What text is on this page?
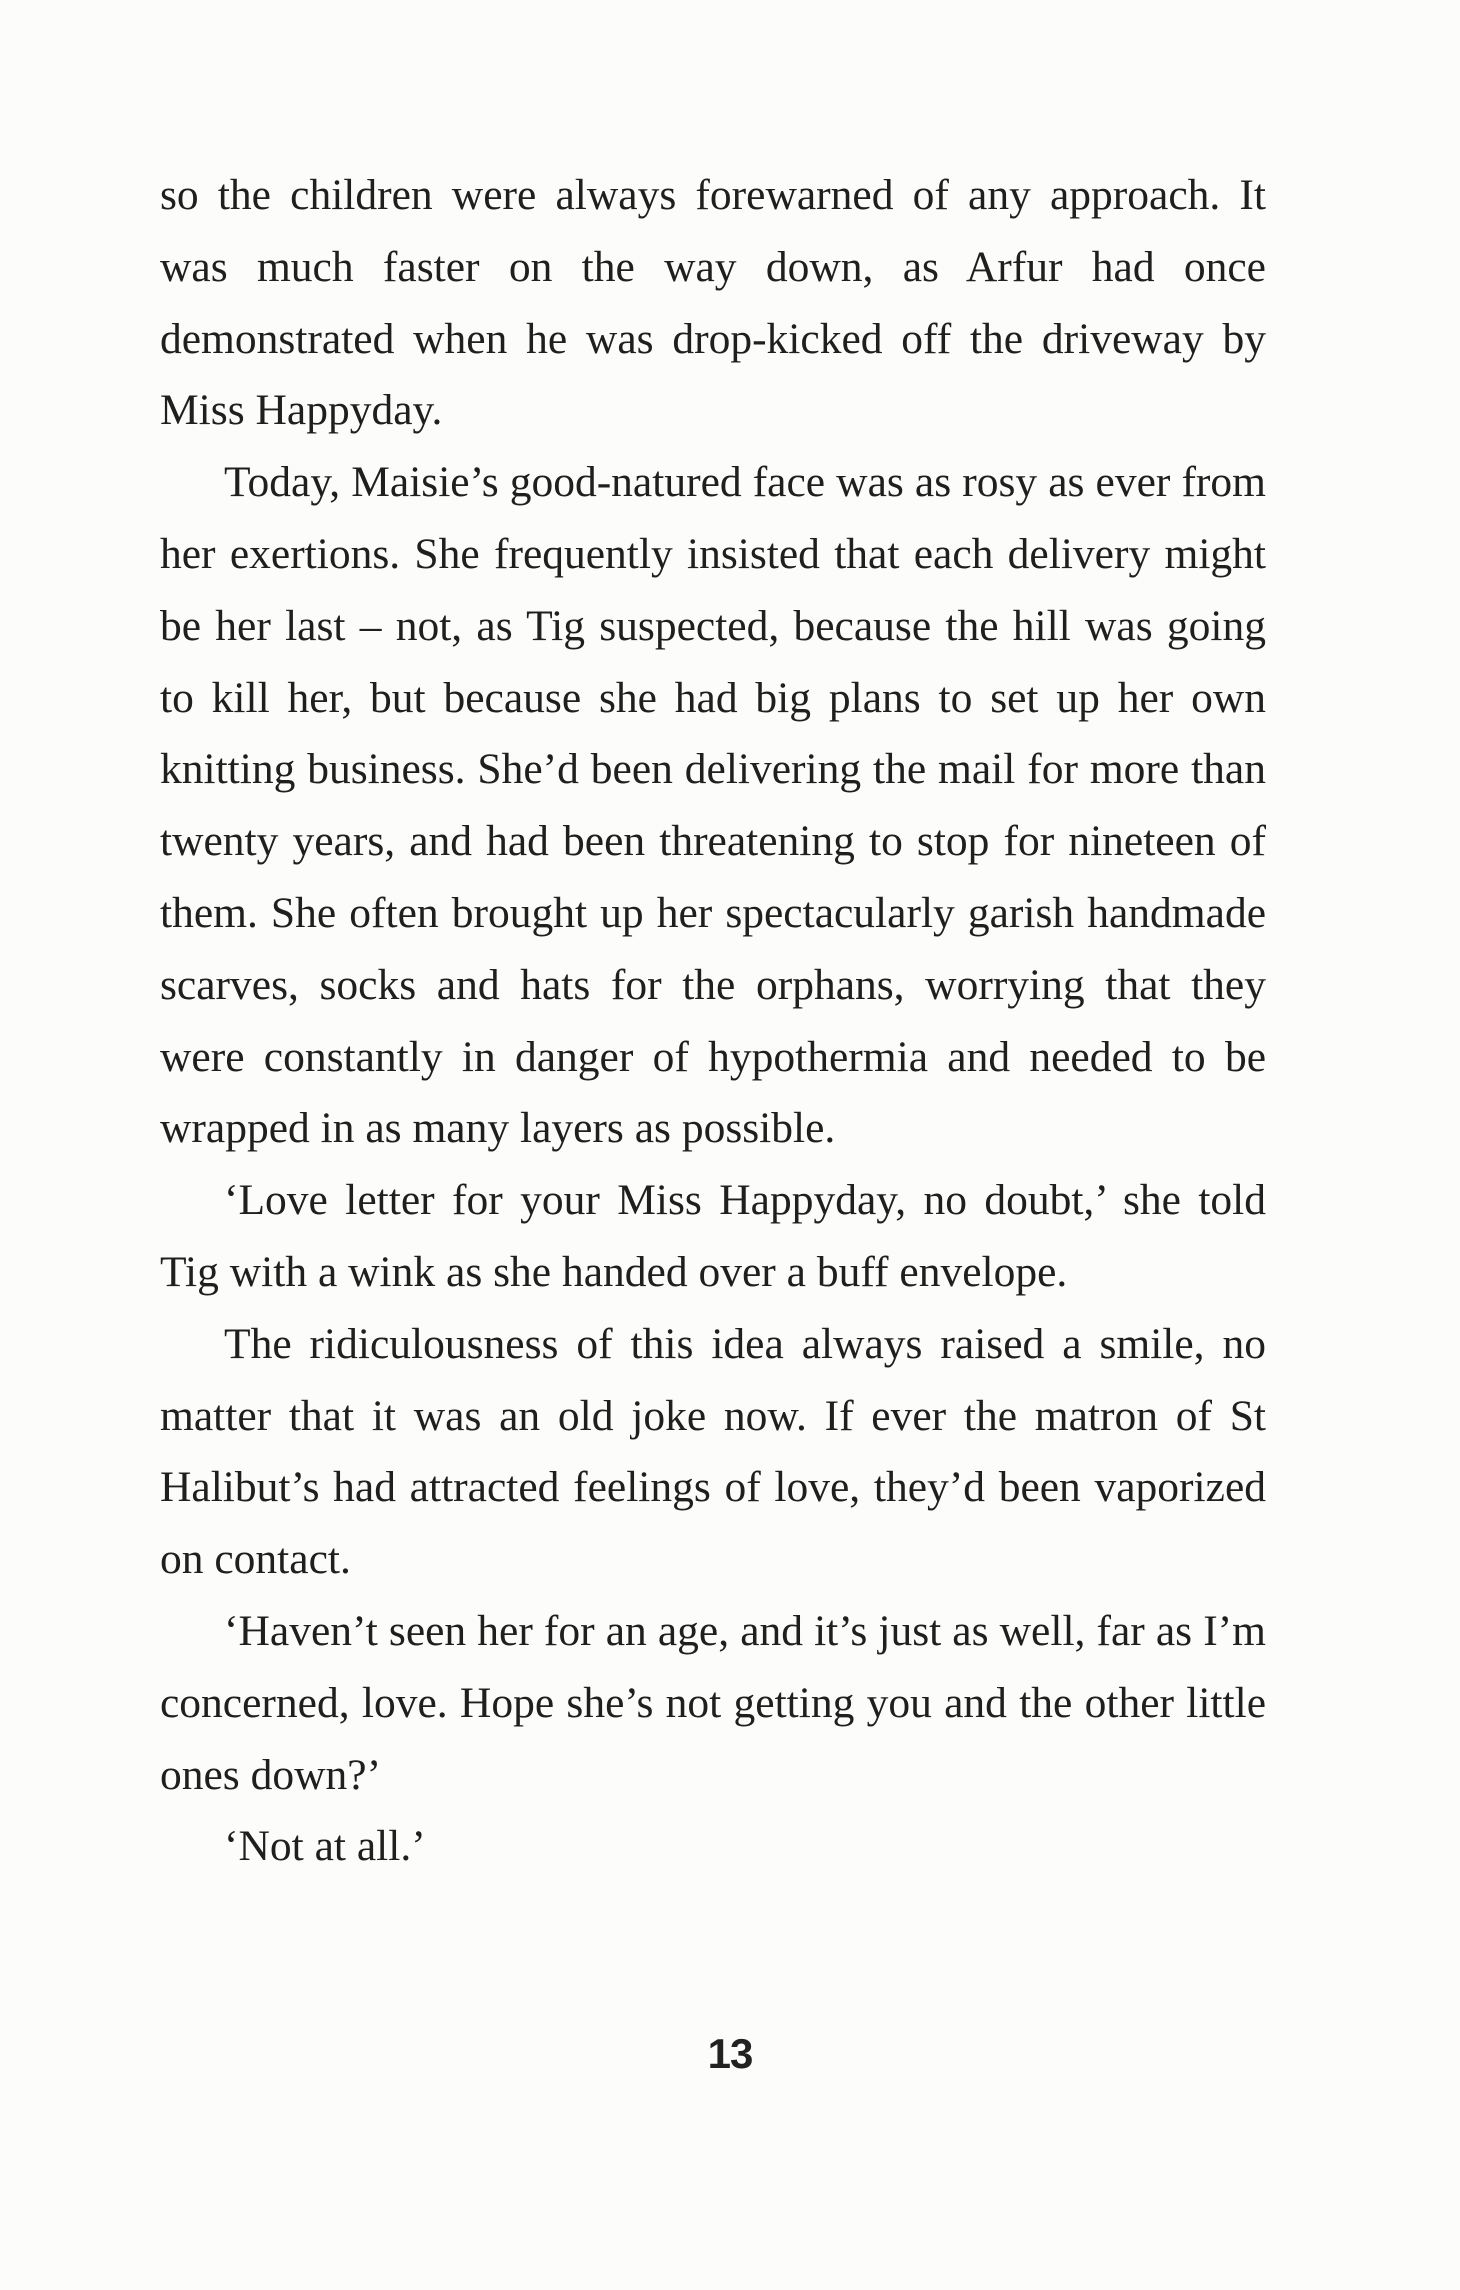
so the children were always forewarned of any approach. It was much faster on the way down, as Arfur had once demonstrated when he was drop-kicked off the driveway by Miss Happyday.

Today, Maisie’s good-natured face was as rosy as ever from her exertions. She frequently insisted that each delivery might be her last – not, as Tig suspected, because the hill was going to kill her, but because she had big plans to set up her own knitting business. She’d been delivering the mail for more than twenty years, and had been threatening to stop for nineteen of them. She often brought up her spectacularly garish handmade scarves, socks and hats for the orphans, worrying that they were constantly in danger of hypothermia and needed to be wrapped in as many layers as possible.

‘Love letter for your Miss Happyday, no doubt,’ she told Tig with a wink as she handed over a buff envelope.

The ridiculousness of this idea always raised a smile, no matter that it was an old joke now. If ever the matron of St Halibut’s had attracted feelings of love, they’d been vaporized on contact.

‘Haven’t seen her for an age, and it’s just as well, far as I’m concerned, love. Hope she’s not getting you and the other little ones down?’

‘Not at all.’

13
